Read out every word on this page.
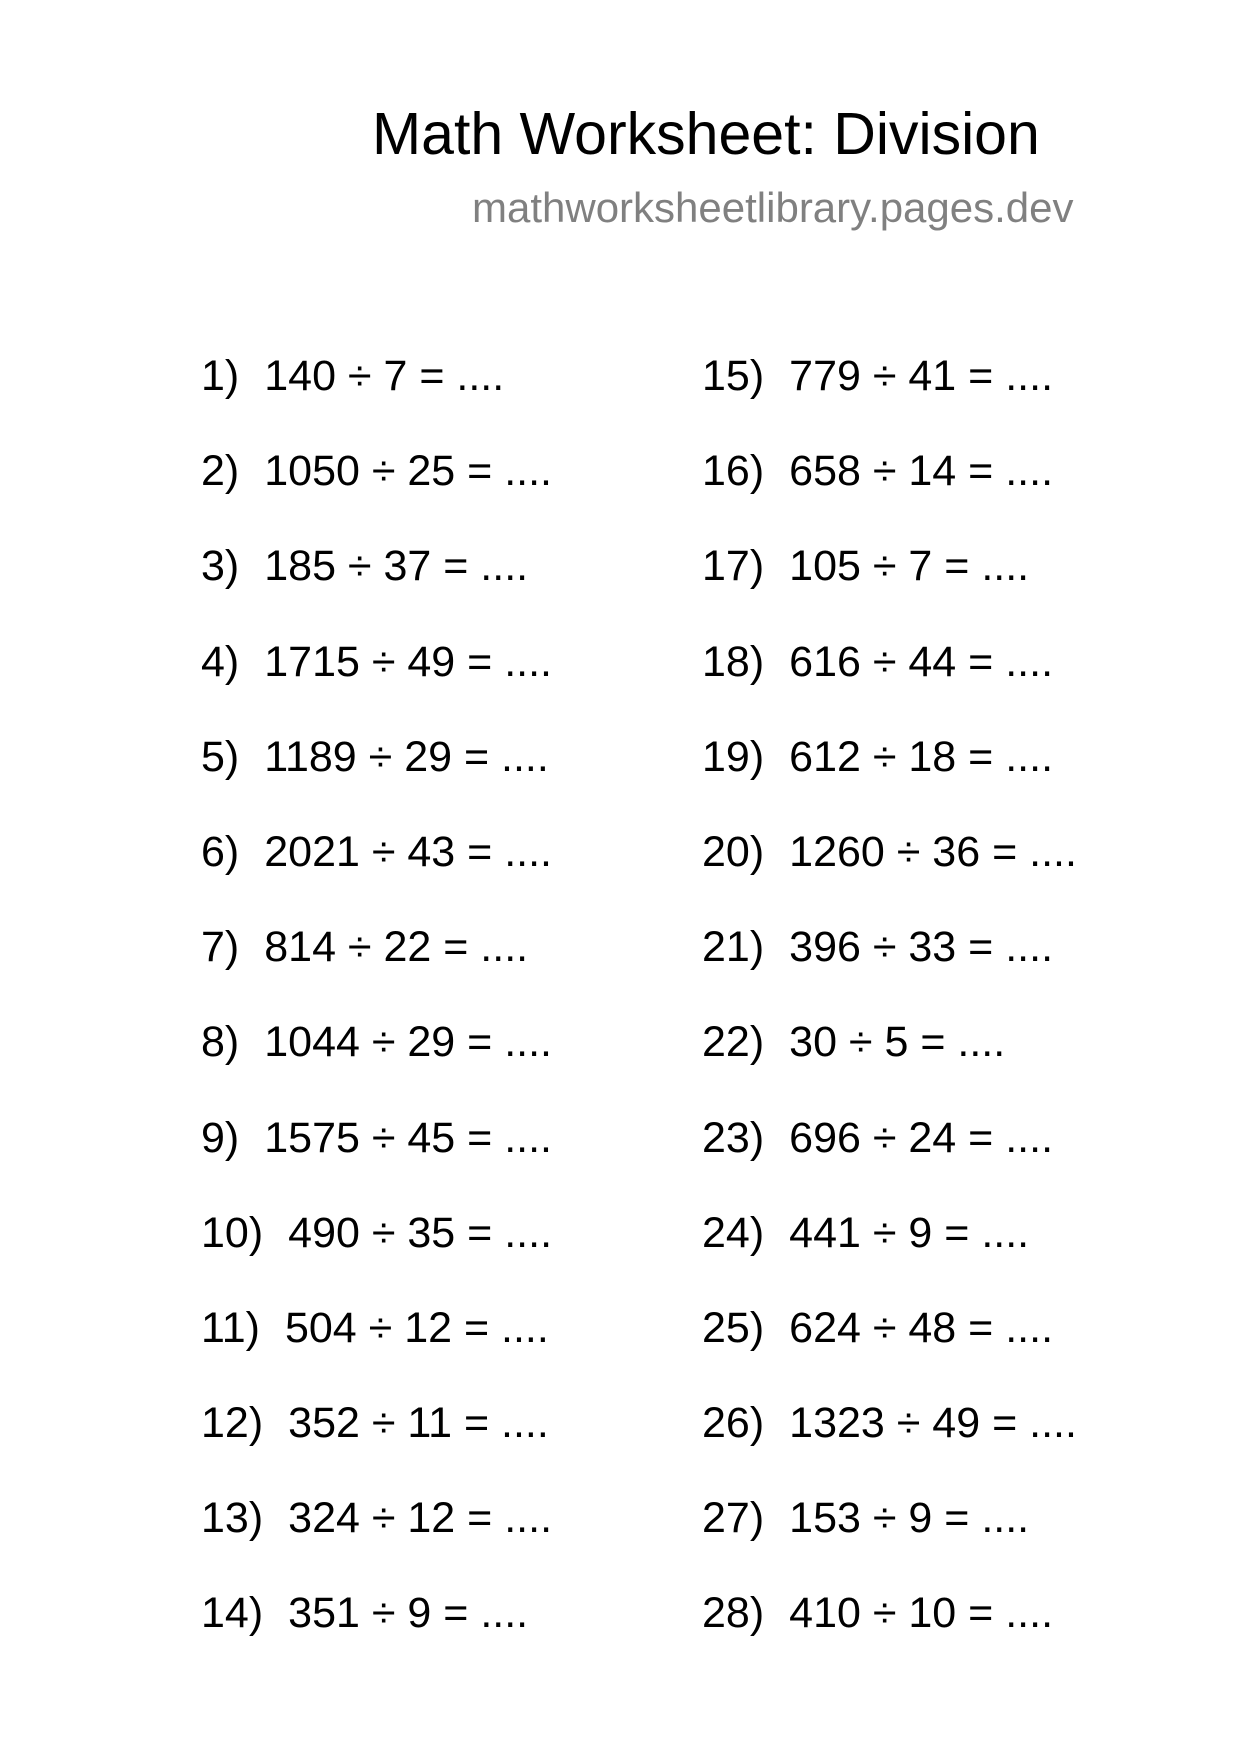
Math Worksheet: Division
mathworksheetlibrary.pages.dev
1) 140 ÷ 7 = ....
2) 1050 ÷ 25 = ....
3) 185 ÷ 37 = ....
4) 1715 ÷ 49 = ....
5) 1189 ÷ 29 = ....
6) 2021 ÷ 43 = ....
7) 814 ÷ 22 = ....
8) 1044 ÷ 29 = ....
9) 1575 ÷ 45 = ....
10) 490 ÷ 35 = ....
11) 504 ÷ 12 = ....
12) 352 ÷ 11 = ....
13) 324 ÷ 12 = ....
14) 351 ÷ 9 = ....
15) 779 ÷ 41 = ....
16) 658 ÷ 14 = ....
17) 105 ÷ 7 = ....
18) 616 ÷ 44 = ....
19) 612 ÷ 18 = ....
20) 1260 ÷ 36 = ....
21) 396 ÷ 33 = ....
22) 30 ÷ 5 = ....
23) 696 ÷ 24 = ....
24) 441 ÷ 9 = ....
25) 624 ÷ 48 = ....
26) 1323 ÷ 49 = ....
27) 153 ÷ 9 = ....
28) 410 ÷ 10 = ....
